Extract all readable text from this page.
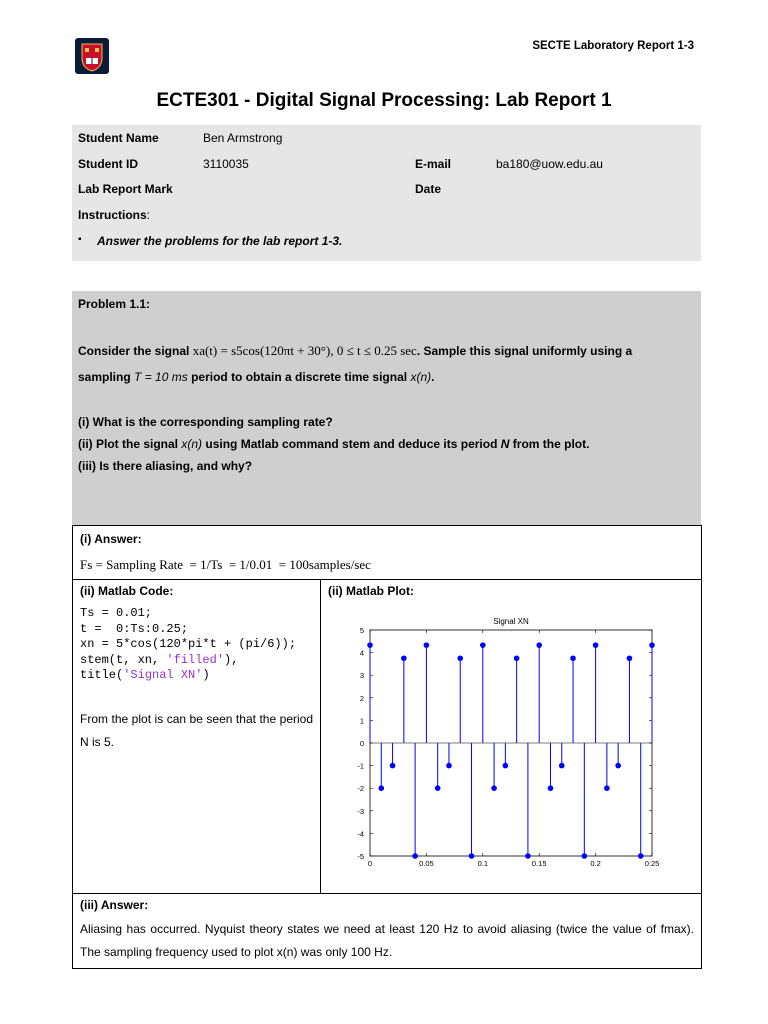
SECTE Laboratory Report 1-3
ECTE301 - Digital Signal Processing: Lab Report 1
Student Name	Ben Armstrong
Student ID	3110035	E-mail	ba180@uow.edu.au
Lab Report Mark	Date
Instructions:
▪ Answer the problems for the lab report 1-3.
Problem 1.1:
Consider the signal xa(t) = s5cos(120πt + 30°), 0 ≤ t ≤ 0.25 sec. Sample this signal uniformly using a
sampling T = 10 ms period to obtain a discrete time signal x(n).
(i) What is the corresponding sampling rate?
(ii) Plot the signal x(n) using Matlab command stem and deduce its period N from the plot.
(iii) Is there aliasing, and why?
(i) Answer:
Fs = Sampling Rate  = 1/Ts  = 1/0.01  = 100samples/sec
(ii) Matlab Code:
Ts = 0.01;
t =  0:Ts:0.25;
xn = 5*cos(120*pi*t + (pi/6));
stem(t, xn, 'filled'),
title('Signal XN')
From the plot is can be seen that the period N is 5.
(ii) Matlab Plot:
Signal XN
0	0.05	0.1	0.15	0.2	0.25
5
4
3
2
1
0
-1
-2
-3
-4
-5
(iii) Answer:
Aliasing has occurred. Nyquist theory states we need at least 120 Hz to avoid aliasing (twice the value of fmax). The sampling frequency used to plot x(n) was only 100 Hz.
